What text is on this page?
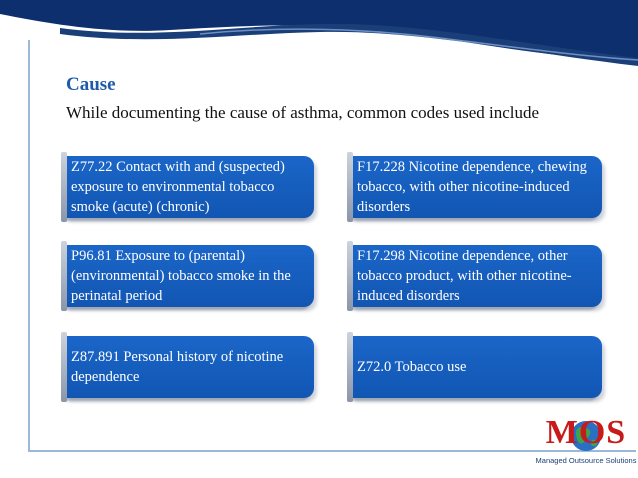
Cause
While documenting the cause of asthma, common codes used include
Z77.22 Contact with and (suspected) exposure to environmental tobacco smoke (acute) (chronic)
F17.228 Nicotine dependence, chewing tobacco, with other nicotine-induced disorders
P96.81 Exposure to (parental) (environmental) tobacco smoke in the perinatal period
F17.298 Nicotine dependence, other tobacco product, with other nicotine-induced disorders
Z87.891 Personal history of nicotine dependence
Z72.0 Tobacco use
MOS
Managed Outsource Solutions
